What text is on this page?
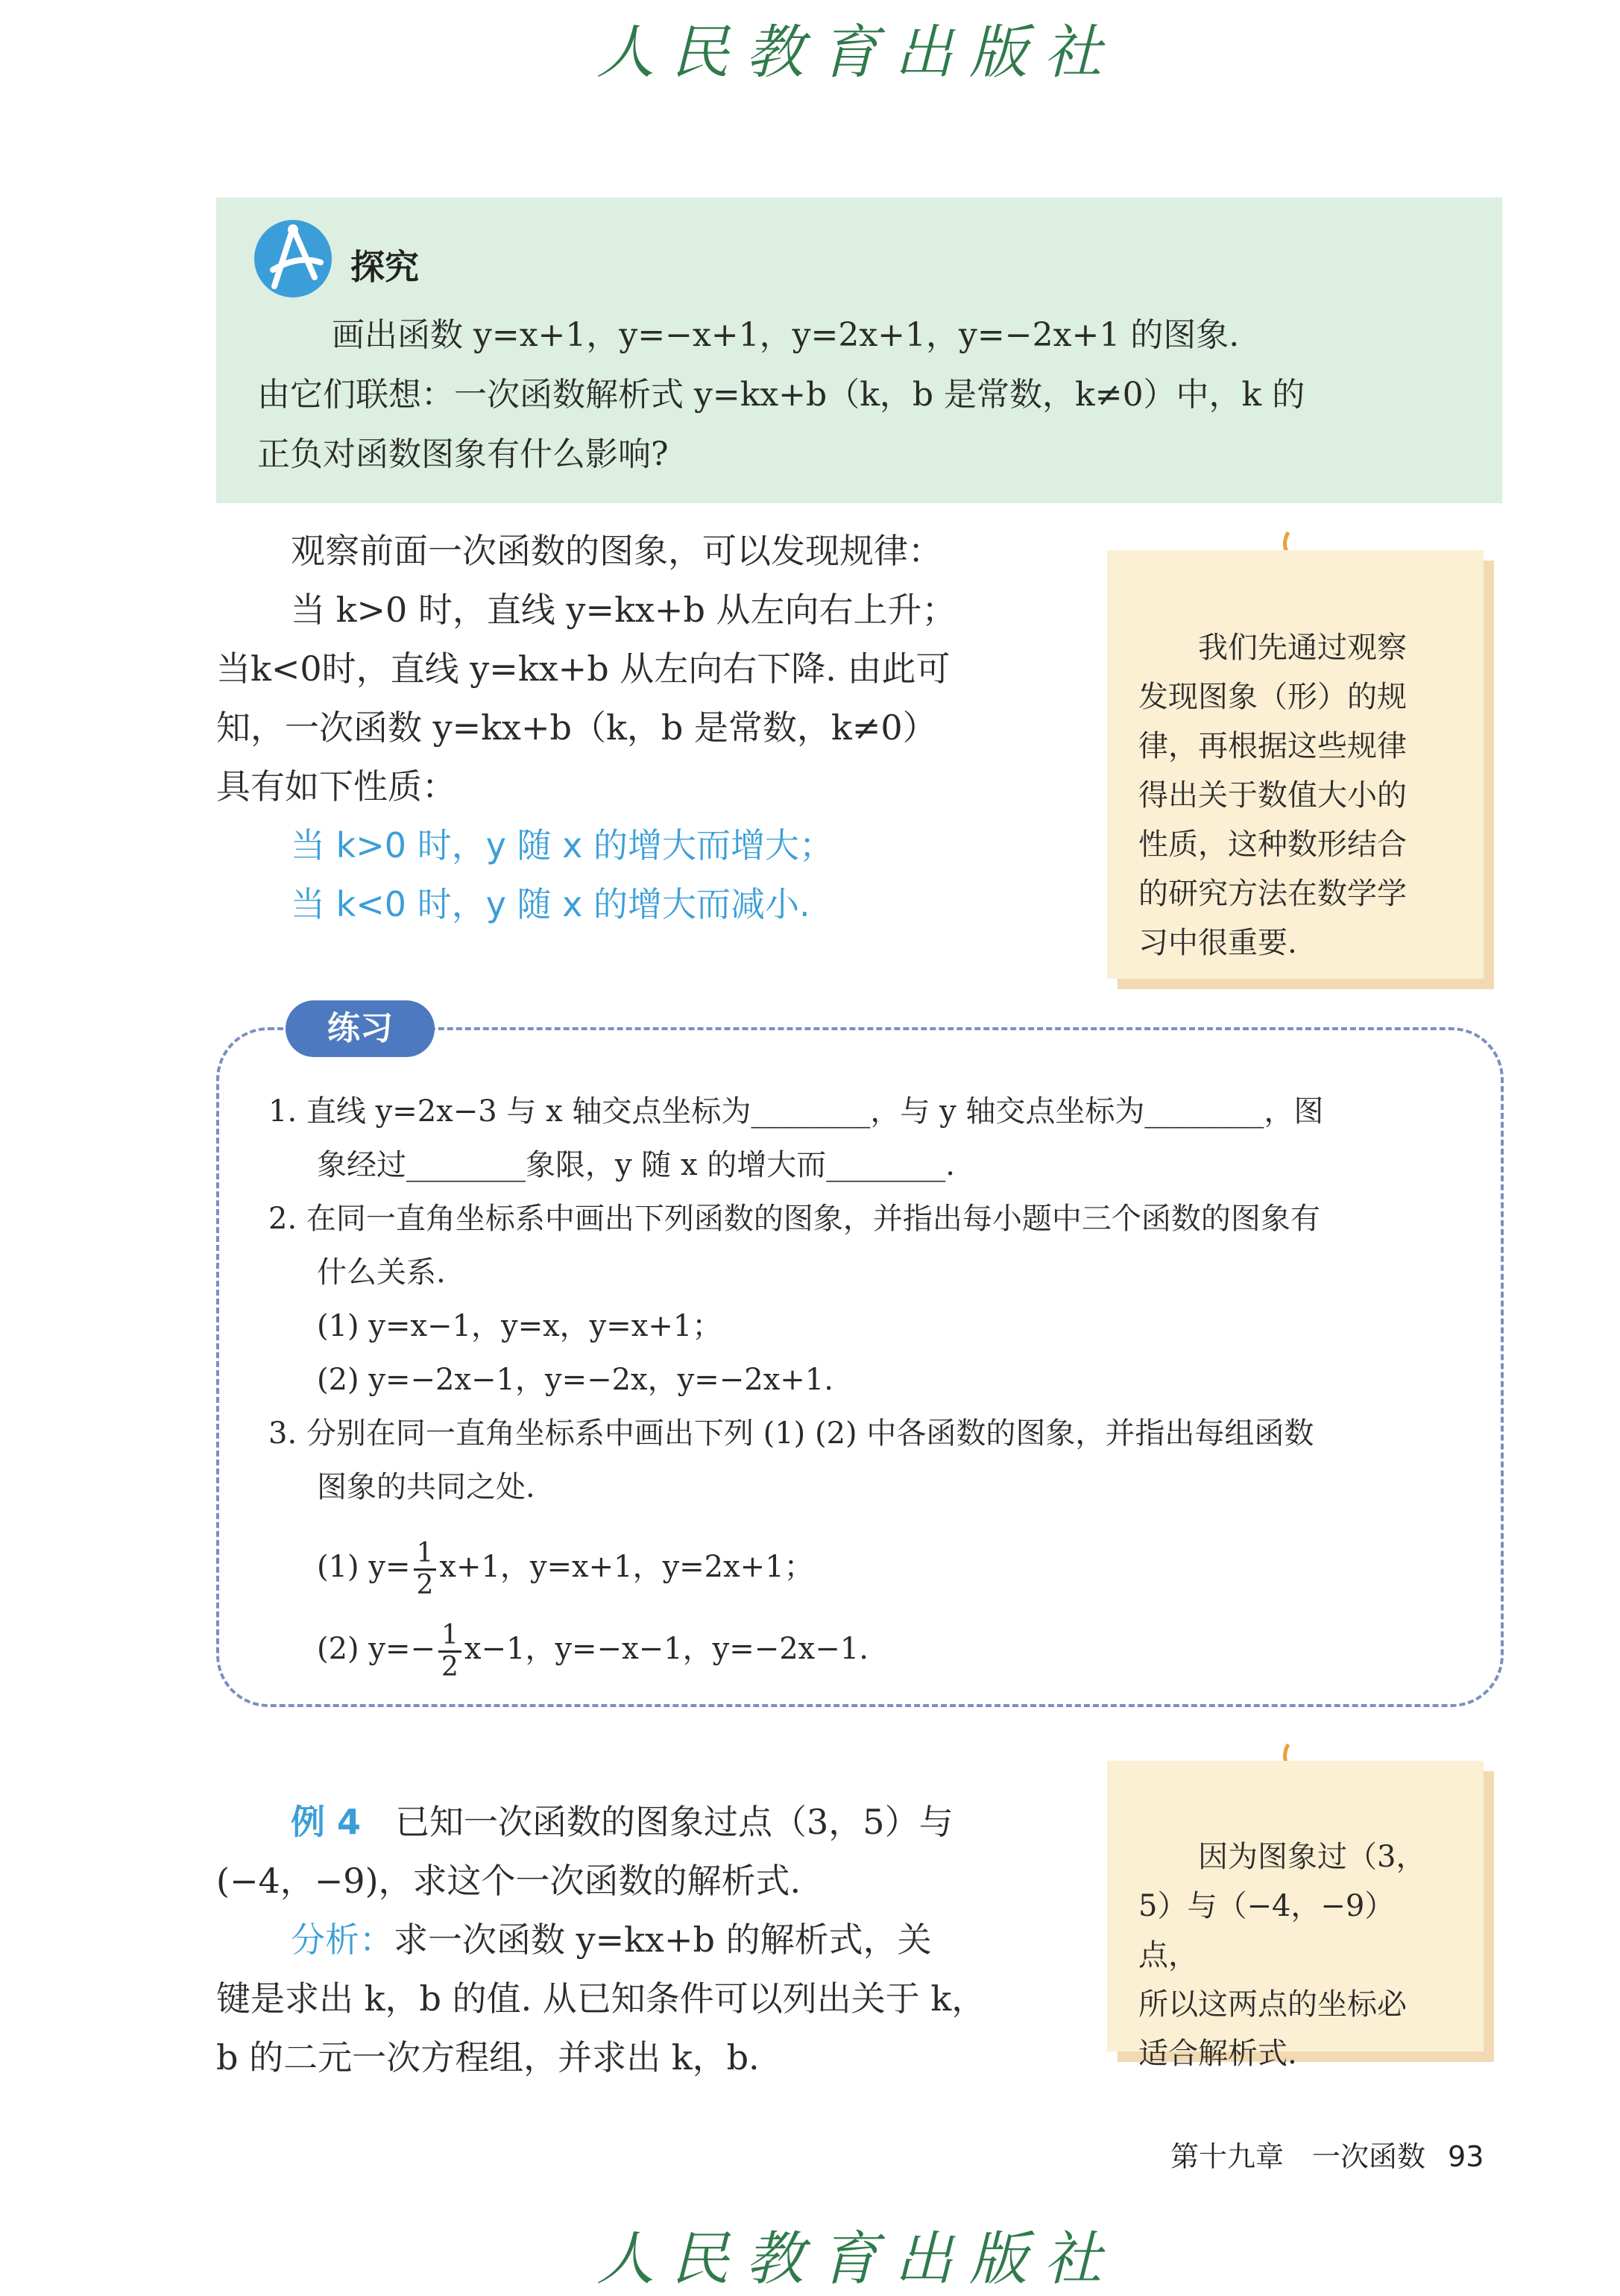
人民教育出版社
探究

画出函数 y=x+1，y=−x+1，y=2x+1，y=−2x+1 的图象.

由它们联想：一次函数解析式 y=kx+b（k，b 是常数，k≠0）中，k 的

正负对函数图象有什么影响?

观察前面一次函数的图象，可以发现规律：

当 k>0 时，直线 y=kx+b 从左向右上升；

当k<0时，直线 y=kx+b 从左向右下降. 由此可

知，一次函数 y=kx+b（k，b 是常数，k≠0）

具有如下性质：

当 k>0 时，y 随 x 的增大而增大；

当 k<0 时，y 随 x 的增大而减小.

我们先通过观察

发现图象（形）的规

律，再根据这些规律

得出关于数值大小的

性质，这种数形结合

的研究方法在数学学

习中很重要.

练习

1. 直线 y=2x−3 与 x 轴交点坐标为________，与 y 轴交点坐标为________，图

象经过________象限，y 随 x 的增大而________.

2. 在同一直角坐标系中画出下列函数的图象，并指出每小题中三个函数的图象有

什么关系.

(1) y=x−1，y=x，y=x+1；

(2) y=−2x−1，y=−2x，y=−2x+1.

3. 分别在同一直角坐标系中画出下列 (1) (2) 中各函数的图象，并指出每组函数

图象的共同之处.

(1) $y= \frac{1}{2} x+1$，y=x+1，y=2x+1；

(2) $y=- \frac{1}{2} x-1$，y=−x−1，y=−2x−1.

例 4　 已知一次函数的图象过点（3，5）与

(−4，−9)，求这个一次函数的解析式.

分析：求一次函数 y=kx+b 的解析式，关

键是求出 k，b 的值. 从已知条件可以列出关于 k，

b 的二元一次方程组，并求出 k，b.

因为图象过（3，

5）与（−4，−9）点，

所以这两点的坐标必

适合解析式.

第十九章　一次函数 93
人民教育出版社
